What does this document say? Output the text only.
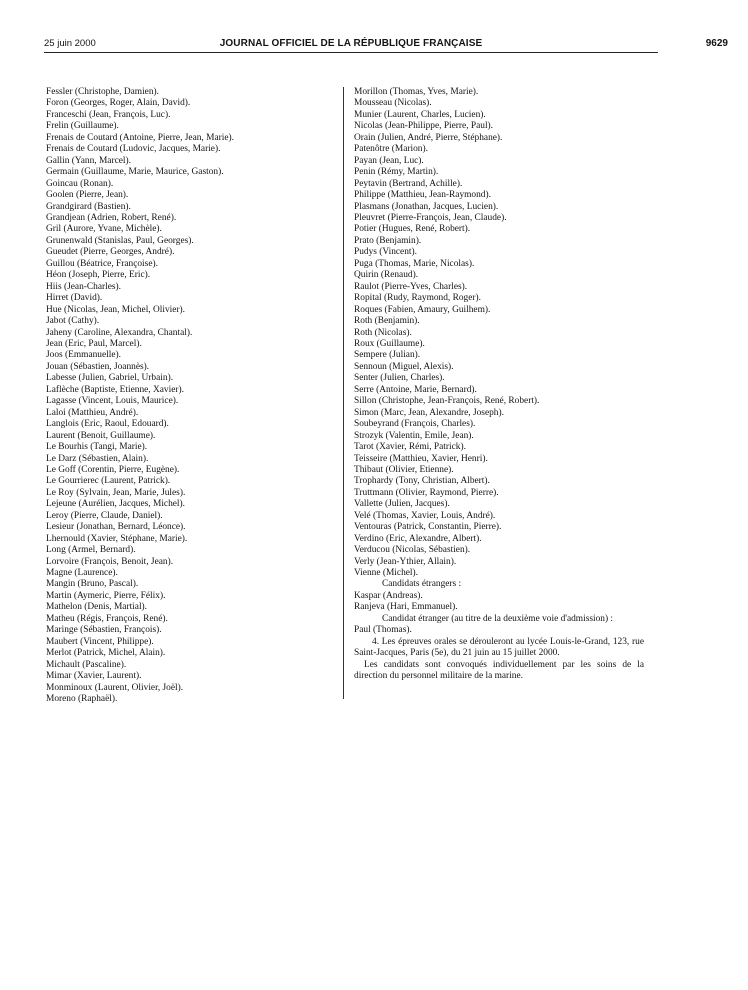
25 juin 2000	JOURNAL OFFICIEL DE LA RÉPUBLIQUE FRANÇAISE	9629
Fessler (Christophe, Damien).
Foron (Georges, Roger, Alain, David).
Franceschi (Jean, François, Luc).
Frelin (Guillaume).
Frenais de Coutard (Antoine, Pierre, Jean, Marie).
Frenais de Coutard (Ludovic, Jacques, Marie).
Gallin (Yann, Marcel).
Germain (Guillaume, Marie, Maurice, Gaston).
Goincau (Ronan).
Goolen (Pierre, Jean).
Grandgirard (Bastien).
Grandjean (Adrien, Robert, René).
Gril (Aurore, Yvane, Michèle).
Grunenwald (Stanislas, Paul, Georges).
Gueudet (Pierre, Georges, André).
Guillou (Béatrice, Françoise).
Héon (Joseph, Pierre, Eric).
Hiis (Jean-Charles).
Hirret (David).
Hue (Nicolas, Jean, Michel, Olivier).
Jabot (Cathy).
Jaheny (Caroline, Alexandra, Chantal).
Jean (Eric, Paul, Marcel).
Joos (Emmanuelle).
Jouan (Sébastien, Joannès).
Labesse (Julien, Gabriel, Urbain).
Laflèche (Baptiste, Etienne, Xavier).
Lagasse (Vincent, Louis, Maurice).
Laloi (Matthieu, André).
Langlois (Eric, Raoul, Edouard).
Laurent (Benoit, Guillaume).
Le Bourhis (Tangi, Marie).
Le Darz (Sébastien, Alain).
Le Goff (Corentin, Pierre, Eugène).
Le Gourrierec (Laurent, Patrick).
Le Roy (Sylvain, Jean, Marie, Jules).
Lejeune (Aurélien, Jacques, Michel).
Leroy (Pierre, Claude, Daniel).
Lesieur (Jonathan, Bernard, Léonce).
Lhernould (Xavier, Stéphane, Marie).
Long (Armel, Bernard).
Lorvoire (François, Benoit, Jean).
Magne (Laurence).
Mangin (Bruno, Pascal).
Martin (Aymeric, Pierre, Félix).
Mathelon (Denis, Martial).
Matheu (Régis, François, René).
Maringe (Sébastien, François).
Maubert (Vincent, Philippe).
Merlot (Patrick, Michel, Alain).
Michault (Pascaline).
Mimar (Xavier, Laurent).
Monminoux (Laurent, Olivier, Joël).
Moreno (Raphaël).
Morillon (Thomas, Yves, Marie).
Mousseau (Nicolas).
Munier (Laurent, Charles, Lucien).
Nicolas (Jean-Philippe, Pierre, Paul).
Orain (Julien, André, Pierre, Stéphane).
Patenôtre (Marion).
Payan (Jean, Luc).
Penin (Rémy, Martin).
Peytavin (Bertrand, Achille).
Philippe (Matthieu, Jean-Raymond).
Plasmans (Jonathan, Jacques, Lucien).
Pleuvret (Pierre-François, Jean, Claude).
Potier (Hugues, René, Robert).
Prato (Benjamin).
Pudys (Vincent).
Puga (Thomas, Marie, Nicolas).
Quirin (Renaud).
Raulot (Pierre-Yves, Charles).
Ropital (Rudy, Raymond, Roger).
Roques (Fabien, Amaury, Guilhem).
Roth (Benjamin).
Roth (Nicolas).
Roux (Guillaume).
Sempere (Julian).
Sennoun (Miguel, Alexis).
Senter (Julien, Charles).
Serre (Antoine, Marie, Bernard).
Sillon (Christophe, Jean-François, René, Robert).
Simon (Marc, Jean, Alexandre, Joseph).
Soubeyrand (François, Charles).
Strozyk (Valentin, Emile, Jean).
Tarot (Xavier, Rémi, Patrick).
Teisseire (Matthieu, Xavier, Henri).
Thibaut (Olivier, Etienne).
Trophardy (Tony, Christian, Albert).
Truttmann (Olivier, Raymond, Pierre).
Vallette (Julien, Jacques).
Velé (Thomas, Xavier, Louis, André).
Ventouras (Patrick, Constantin, Pierre).
Verdino (Eric, Alexandre, Albert).
Verducou (Nicolas, Sébastien).
Verly (Jean-Ythier, Allain).
Vienne (Michel).
Candidats étrangers :
Kaspar (Andreas).
Ranjeva (Hari, Emmanuel).
Candidat étranger (au titre de la deuxième voie d'admission) :
Paul (Thomas).
4. Les épreuves orales se dérouleront au lycée Louis-le-Grand, 123, rue Saint-Jacques, Paris (5e), du 21 juin au 15 juillet 2000.
Les candidats sont convoqués individuellement par les soins de la direction du personnel militaire de la marine.
